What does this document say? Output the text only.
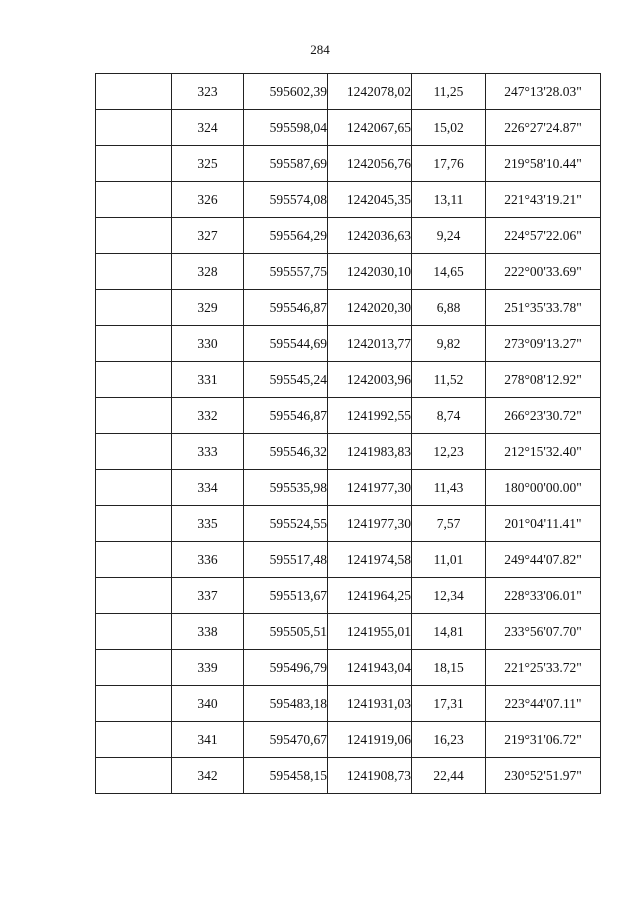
284
	323	595602,39	1242078,02	11,25	247°13'28.03"
	324	595598,04	1242067,65	15,02	226°27'24.87"
	325	595587,69	1242056,76	17,76	219°58'10.44"
	326	595574,08	1242045,35	13,11	221°43'19.21"
	327	595564,29	1242036,63	9,24	224°57'22.06"
	328	595557,75	1242030,10	14,65	222°00'33.69"
	329	595546,87	1242020,30	6,88	251°35'33.78"
	330	595544,69	1242013,77	9,82	273°09'13.27"
	331	595545,24	1242003,96	11,52	278°08'12.92"
	332	595546,87	1241992,55	8,74	266°23'30.72"
	333	595546,32	1241983,83	12,23	212°15'32.40"
	334	595535,98	1241977,30	11,43	180°00'00.00"
	335	595524,55	1241977,30	7,57	201°04'11.41"
	336	595517,48	1241974,58	11,01	249°44'07.82"
	337	595513,67	1241964,25	12,34	228°33'06.01"
	338	595505,51	1241955,01	14,81	233°56'07.70"
	339	595496,79	1241943,04	18,15	221°25'33.72"
	340	595483,18	1241931,03	17,31	223°44'07.11"
	341	595470,67	1241919,06	16,23	219°31'06.72"
	342	595458,15	1241908,73	22,44	230°52'51.97"
